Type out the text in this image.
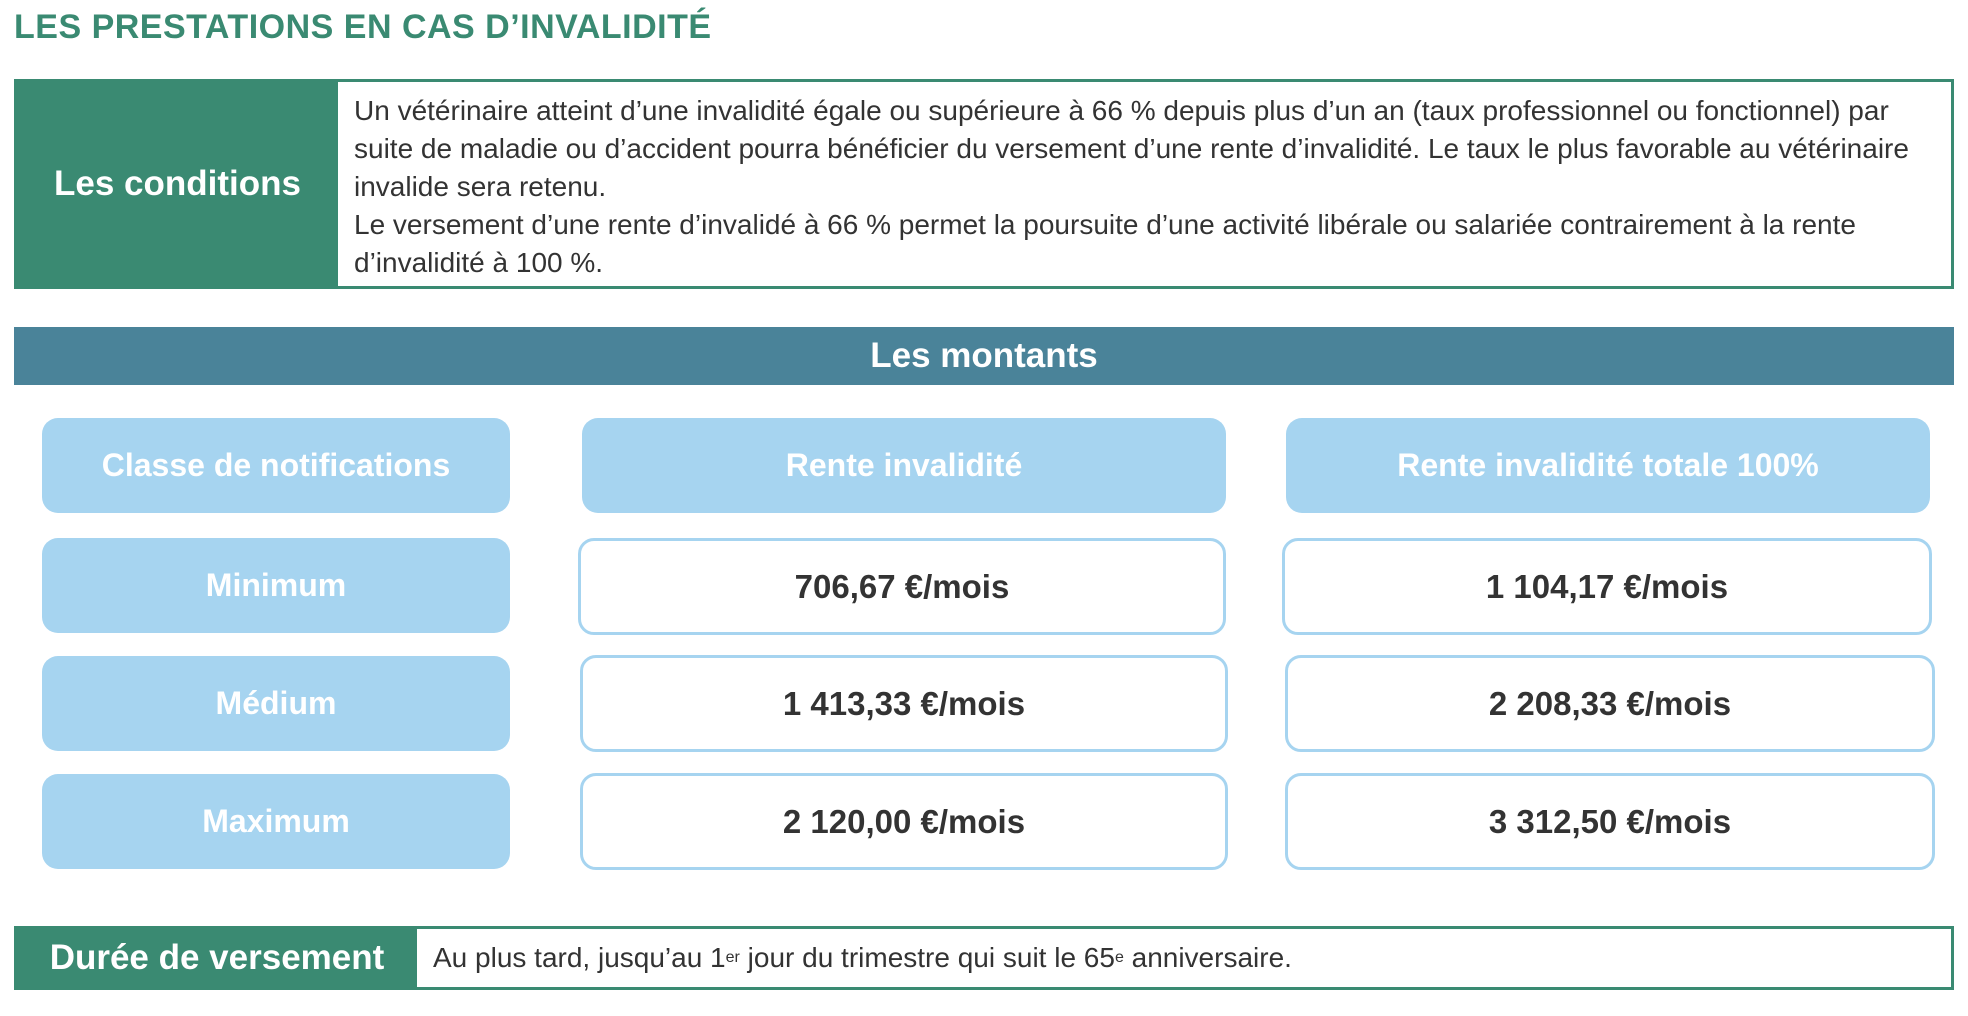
LES PRESTATIONS EN CAS D’INVALIDITÉ
Les conditions

Un vétérinaire atteint d’une invalidité égale ou supérieure à 66 % depuis plus d’un an (taux professionnel ou fonctionnel) par suite de maladie ou d’accident pourra bénéficier du versement d’une rente d’invalidité. Le taux le plus favorable au vétérinaire invalide sera retenu.

Le versement d’une rente d’invalidé à 66 % permet la poursuite d’une activité libérale ou salariée contrairement à la rente d’invalidité à 100 %.

Les montants
Classe de notifications	Rente invalidité	Rente invalidité totale 100%
Minimum	706,67 €/mois	1 104,17 €/mois
Médium	1 413,33 €/mois	2 208,33 €/mois
Maximum	2 120,00 €/mois	3 312,50 €/mois
Durée de versement	Au plus tard, jusqu’au 1 er jour du trimestre qui suit le 65 e anniversaire.
